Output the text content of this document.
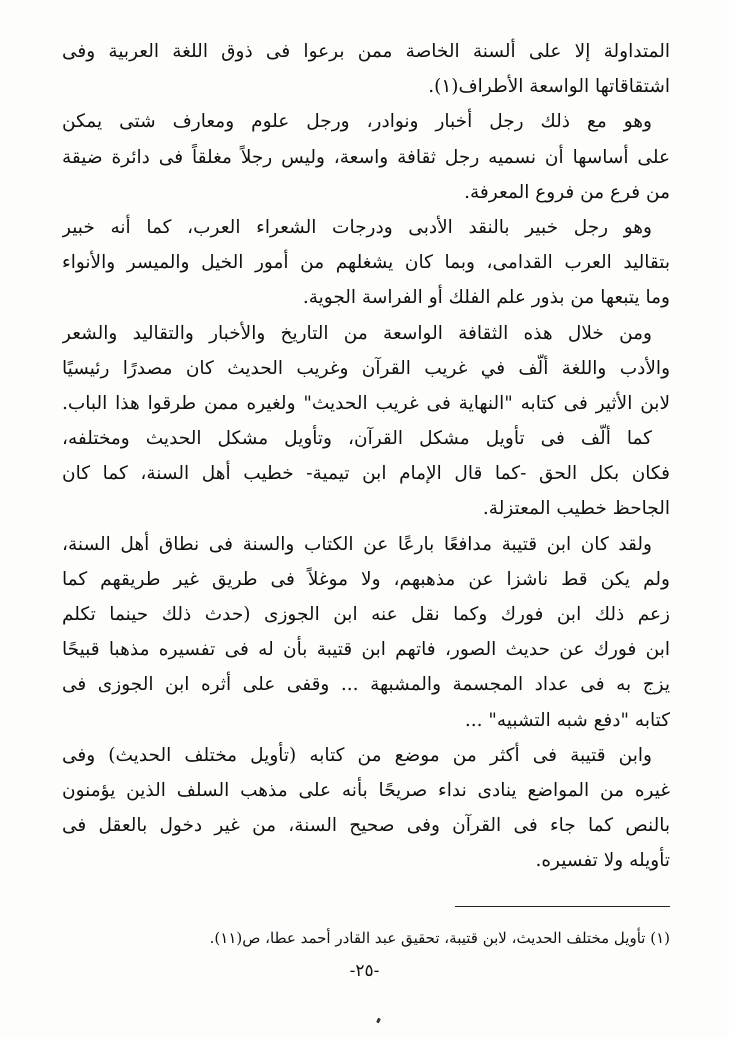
المتداولة إلا على ألسنة الخاصة ممن برعوا فى ذوق اللغة العربية وفى
اشتقاقاتها الواسعة الأطراف(١).
وهو مع ذلك رجل أخبار ونوادر، ورجل علوم ومعارف شتى يمكن
على أساسها أن نسميه رجل ثقافة واسعة، وليس رجلاً مغلقاً فى دائرة ضيقة
من فرع من فروع المعرفة.
وهو رجل خبير بالنقد الأدبى ودرجات الشعراء العرب، كما أنه خبير
بتقاليد العرب القدامى، وبما كان يشغلهم من أمور الخيل والميسر والأنواء
وما يتبعها من بذور علم الفلك أو الفراسة الجوية.
ومن خلال هذه الثقافة الواسعة من التاريخ والأخبار والتقاليد والشعر
والأدب واللغة ألّف في غريب القرآن وغريب الحديث كان مصدرًا رئيسيًا
لابن الأثير فى كتابه "النهاية فى غريب الحديث" ولغيره ممن طرقوا هذا الباب.
كما ألّف فى تأويل مشكل القرآن، وتأويل مشكل الحديث ومختلفه،
فكان بكل الحق -كما قال الإمام ابن تيمية- خطيب أهل السنة، كما كان
الجاحظ خطيب المعتزلة.
ولقد كان ابن قتيبة مدافعًا بارعًا عن الكتاب والسنة فى نطاق أهل السنة،
ولم يكن قط ناشزا عن مذهبهم، ولا موغلاً فى طريق غير طريقهم كما
زعم ذلك ابن فورك وكما نقل عنه ابن الجوزى (حدث ذلك حينما تكلم
ابن فورك عن حديث الصور، فاتهم ابن قتيبة بأن له فى تفسيره مذهبا قبيحًا
يزج به فى عداد المجسمة والمشبهة ... وقفى على أثره ابن الجوزى فى
كتابه "دفع شبه التشبيه" ...
وابن قتيبة فى أكثر من موضع من كتابه (تأويل مختلف الحديث) وفى
غيره من المواضع ينادى نداء صريحًا بأنه على مذهب السلف الذين يؤمنون
بالنص كما جاء فى القرآن وفى صحيح السنة، من غير دخول بالعقل فى
تأويله ولا تفسيره.
(١) تأويل مختلف الحديث، لابن قتيبة، تحقيق عبد القادر أحمد عطا، ص(١١).
-٢٥-
